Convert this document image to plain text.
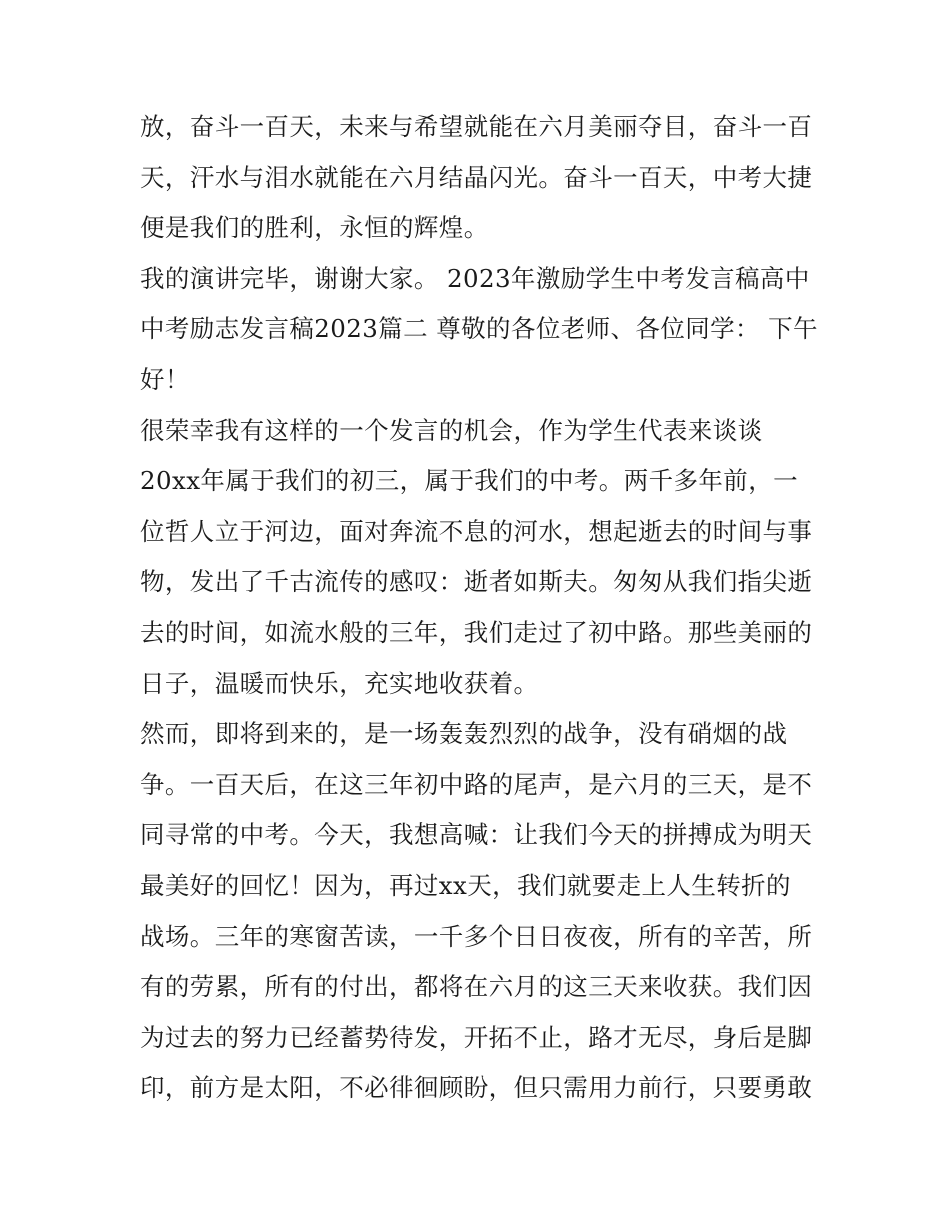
放，奋斗一百天，未来与希望就能在六月美丽夺目，奋斗一百
天，汗水与泪水就能在六月结晶闪光。奋斗一百天，中考大捷
便是我们的胜利，永恒的辉煌。

我的演讲完毕，谢谢大家。 2023年激励学生中考发言稿高中
中考励志发言稿2023篇二 尊敬的各位老师、各位同学： 下午
好！

很荣幸我有这样的一个发言的机会，作为学生代表来谈谈
20xx年属于我们的初三，属于我们的中考。两千多年前，一
位哲人立于河边，面对奔流不息的河水，想起逝去的时间与事
物，发出了千古流传的感叹：逝者如斯夫。匆匆从我们指尖逝
去的时间，如流水般的三年，我们走过了初中路。那些美丽的
日子，温暖而快乐，充实地收获着。

然而，即将到来的，是一场轰轰烈烈的战争，没有硝烟的战
争。一百天后，在这三年初中路的尾声，是六月的三天，是不
同寻常的中考。今天，我想高喊：让我们今天的拼搏成为明天
最美好的回忆！因为，再过xx天，我们就要走上人生转折的
战场。三年的寒窗苦读，一千多个日日夜夜，所有的辛苦，所
有的劳累，所有的付出，都将在六月的这三天来收获。我们因
为过去的努力已经蓄势待发，开拓不止，路才无尽，身后是脚
印，前方是太阳，不必徘徊顾盼，但只需用力前行，只要勇敢
